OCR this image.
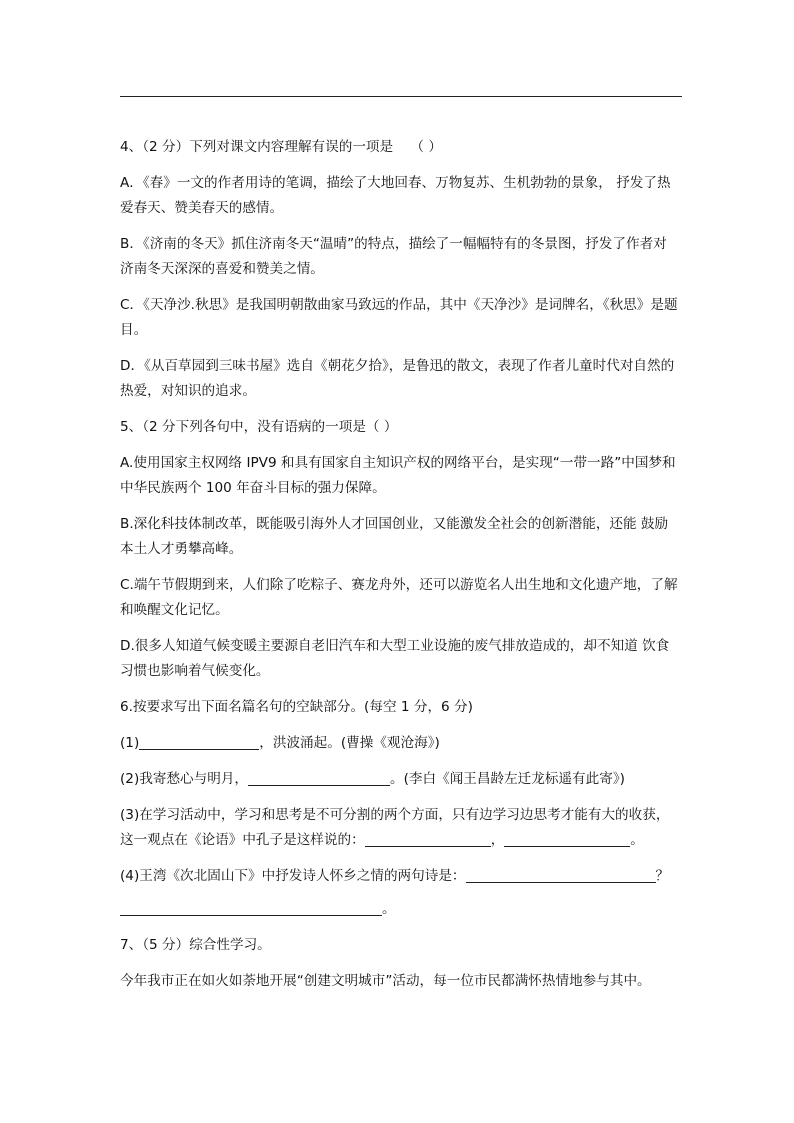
4、（2 分）下列对课文内容理解有误的一项是 （ ）

A．《春》一文的作者用诗的笔调，描绘了大地回春、万物复苏、生机勃勃的景象， 抒发了热爱春天、赞美春天的感情。

B．《济南的冬天》抓住济南冬天“温晴”的特点，描绘了一幅幅特有的冬景图，抒发了作者对济南冬天深深的喜爱和赞美之情。

C．《天净沙.秋思》是我国明朝散曲家马致远的作品，其中《天净沙》是词牌名，《秋思》是题目。

D．《从百草园到三味书屋》选自《朝花夕拾》，是鲁迅的散文，表现了作者儿童时代对自然的热爱，对知识的追求。

5、（2 分下列各句中，没有语病的一项是（ ）

A.使用国家主权网络 IPV9 和具有国家自主知识产权的网络平台，是实现“一带一路”中国梦和中华民族两个 100 年奋斗目标的强力保障。

B.深化科技体制改革，既能吸引海外人才回国创业，又能激发全社会的创新潜能，还能 鼓励本土人才勇攀高峰。

C.端午节假期到来，人们除了吃粽子、赛龙舟外，还可以游览名人出生地和文化遗产地，了解和唤醒文化记忆。

D.很多人知道气候变暖主要源自老旧汽车和大型工业设施的废气排放造成的，却不知道 饮食习惯也影响着气候变化。

6.按要求写出下面名篇名句的空缺部分。(每空 1 分，6 分)

(1)	，洪波涌起。(曹操《观沧海》)

(2)我寄愁心与明月，	。(李白《闻王昌龄左迁龙标遥有此寄》)

(3)在学习活动中，学习和思考是不可分割的两个方面，只有边学习边思考才能有大的收获，这一观点在《论语》中孔子是这样说的：	，	。

(4)王湾《次北固山下》中抒发诗人怀乡之情的两句诗是：	？
。

7、（5 分）综合性学习。

今年我市正在如火如荼地开展“创建文明城市”活动，每一位市民都满怀热情地参与其中。
